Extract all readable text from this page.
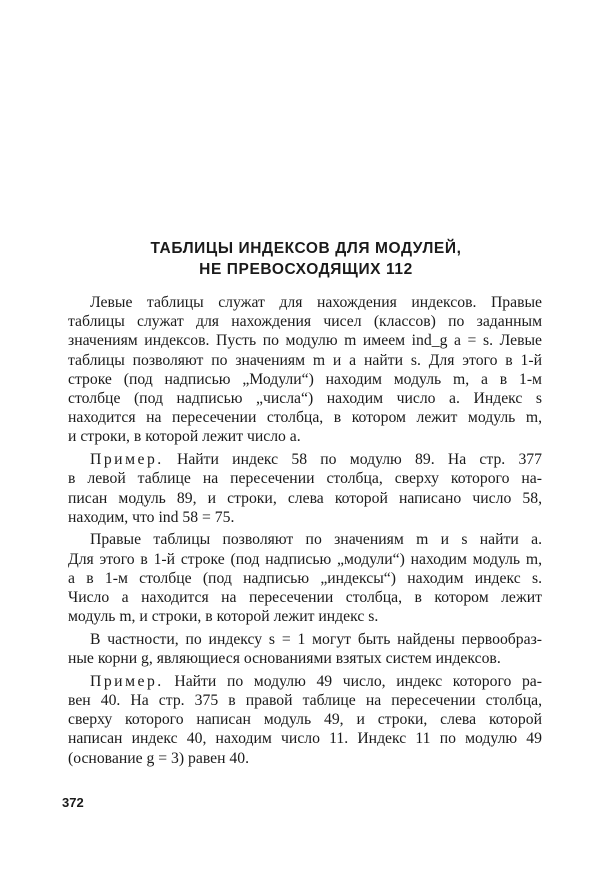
ТАБЛИЦЫ ИНДЕКСОВ ДЛЯ МОДУЛЕЙ,
НЕ ПРЕВОСХОДЯЩИХ 112

Левые таблицы служат для нахождения индексов. Правые
таблицы служат для нахождения чисел (классов) по заданным
значениям индексов. Пусть по модулю m имеем ind_g a = s. Левые
таблицы позволяют по значениям m и a найти s. Для этого в 1-й
строке (под надписью „Модули“) находим модуль m, а в 1-м
столбце (под надписью „числа“) находим число a. Индекс s
находится на пересечении столбца, в котором лежит модуль m,
и строки, в которой лежит число a.

Пример. Найти индекс 58 по модулю 89. На стр. 377
в левой таблице на пересечении столбца, сверху которого на-
писан модуль 89, и строки, слева которой написано число 58,
находим, что ind 58 = 75.

Правые таблицы позволяют по значениям m и s найти a.
Для этого в 1-й строке (под надписью „модули“) находим модуль m,
а в 1-м столбце (под надписью „индексы“) находим индекс s.
Число a находится на пересечении столбца, в котором лежит
модуль m, и строки, в которой лежит индекс s.

В частности, по индексу s = 1 могут быть найдены первообраз-
ные корни g, являющиеся основаниями взятых систем индексов.

Пример. Найти по модулю 49 число, индекс которого ра-
вен 40. На стр. 375 в правой таблице на пересечении столбца,
сверху которого написан модуль 49, и строки, слева которой
написан индекс 40, находим число 11. Индекс 11 по модулю 49
(основание g = 3) равен 40.

372
